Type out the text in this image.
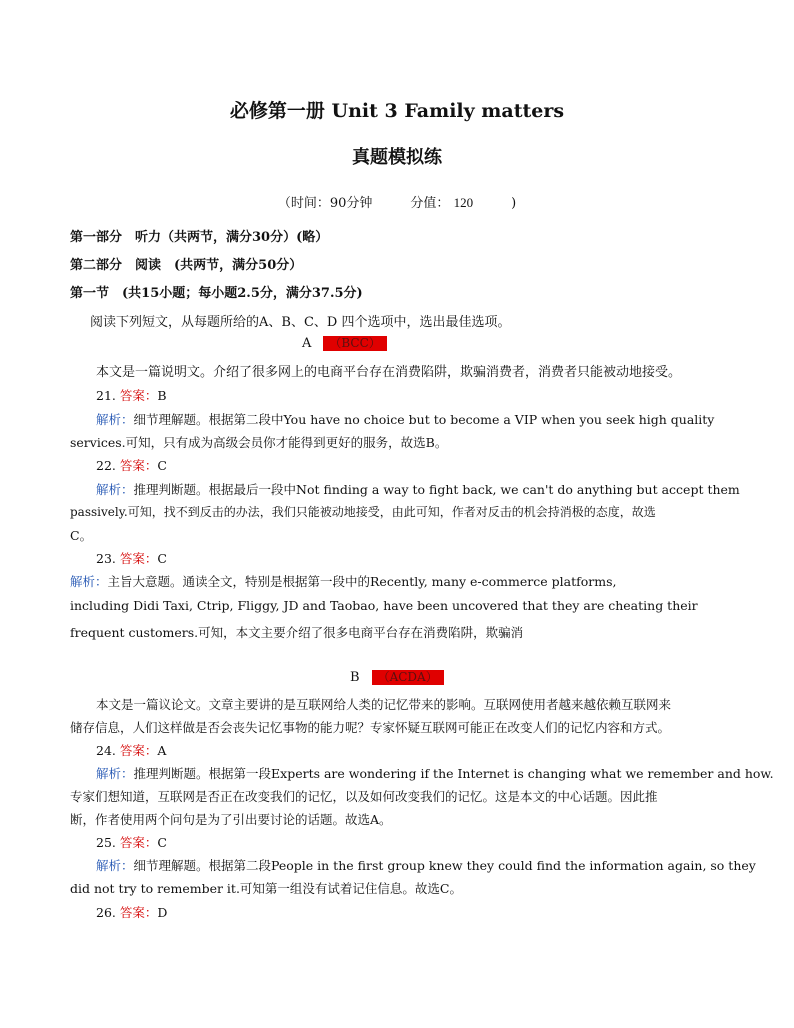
必修第一册 Unit 3 Family matters
真题模拟练
（时间：90分钟	分值： 120	)
第一部分　听力（共两节，满分30分）(略）
第二部分　阅读　(共两节，满分50分）
第一节　(共15小题；每小题2.5分，满分37.5分)
阅读下列短文，从每题所给的A、B、C、D 四个选项中，选出最佳选项。
A （BCC）
本文是一篇说明文。介绍了很多网上的电商平台存在消费陷阱，欺骗消费者，消费者只能被动地接受。
21. 答案：B
解析：细节理解题。根据第二段中You have no choice but to become a VIP when you seek high quality
services.可知，只有成为高级会员你才能得到更好的服务，故选B。
22. 答案：C
解析：推理判断题。根据最后一段中Not finding a way to fight back, we can't do anything but accept them
passively.可知，找不到反击的办法，我们只能被动地接受，由此可知，作者对反击的机会持消极的态度，故选
C。
23. 答案：C
解析：主旨大意题。通读全文，特别是根据第一段中的Recently, many e-commerce platforms,
including Didi Taxi, Ctrip, Fliggy, JD and Taobao, have been uncovered that they are cheating their
frequent customers.可知，本文主要介绍了很多电商平台存在消费陷阱，欺骗消
B （ACDA）
本文是一篇议论文。文章主要讲的是互联网给人类的记忆带来的影响。互联网使用者越来越依赖互联网来
储存信息，人们这样做是否会丧失记忆事物的能力呢？专家怀疑互联网可能正在改变人们的记忆内容和方式。
24. 答案：A
解析：推理判断题。根据第一段Experts are wondering if the Internet is changing what we remember and how.
专家们想知道，互联网是否正在改变我们的记忆，以及如何改变我们的记忆。这是本文的中心话题。因此推
断，作者使用两个问句是为了引出要讨论的话题。故选A。
25. 答案：C
解析：细节理解题。根据第二段People in the first group knew they could find the information again, so they
did not try to remember it.可知第一组没有试着记住信息。故选C。
26. 答案：D
